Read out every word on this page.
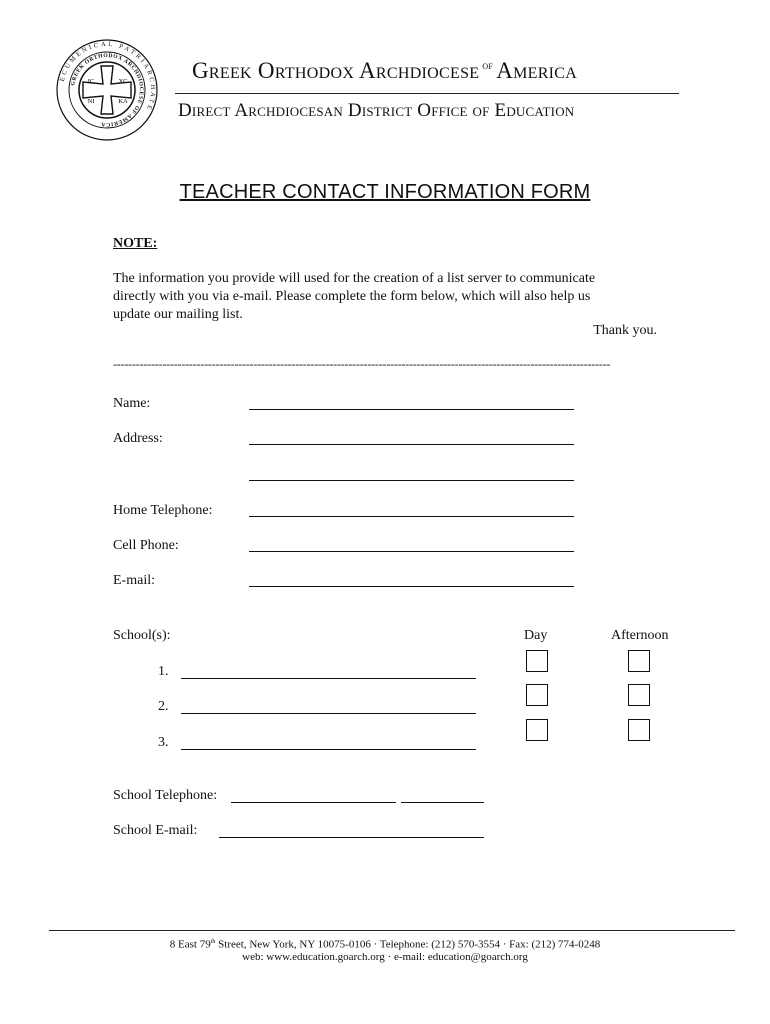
ECUMENICAL PATRIARCHATE
GREEK ORTHODOX ARCHDIOCESE OF AMERICA
IC	XC
NI	KA
Greek Orthodox Archdiocese $^{of}$ America
Direct Archdiocesan District Office of Education
TEACHER CONTACT INFORMATION FORM
NOTE:
The information you provide will used for the creation of a list server to communicate
directly with you via e-mail. Please complete the form below, which will also help us
update our mailing list.
Thank you.
-----------------------------------------------------------------------------------------------------------------------------------
Name:
Address:
Home Telephone:
Cell Phone:
E-mail:
School(s):	Day	Afternoon
1.
2.
3.
School Telephone:
School E-mail:
8 East 79th Street, New York, NY 10075-0106 · Telephone: (212) 570-3554 · Fax: (212) 774-0248
web: www.education.goarch.org · e-mail: education@goarch.org
